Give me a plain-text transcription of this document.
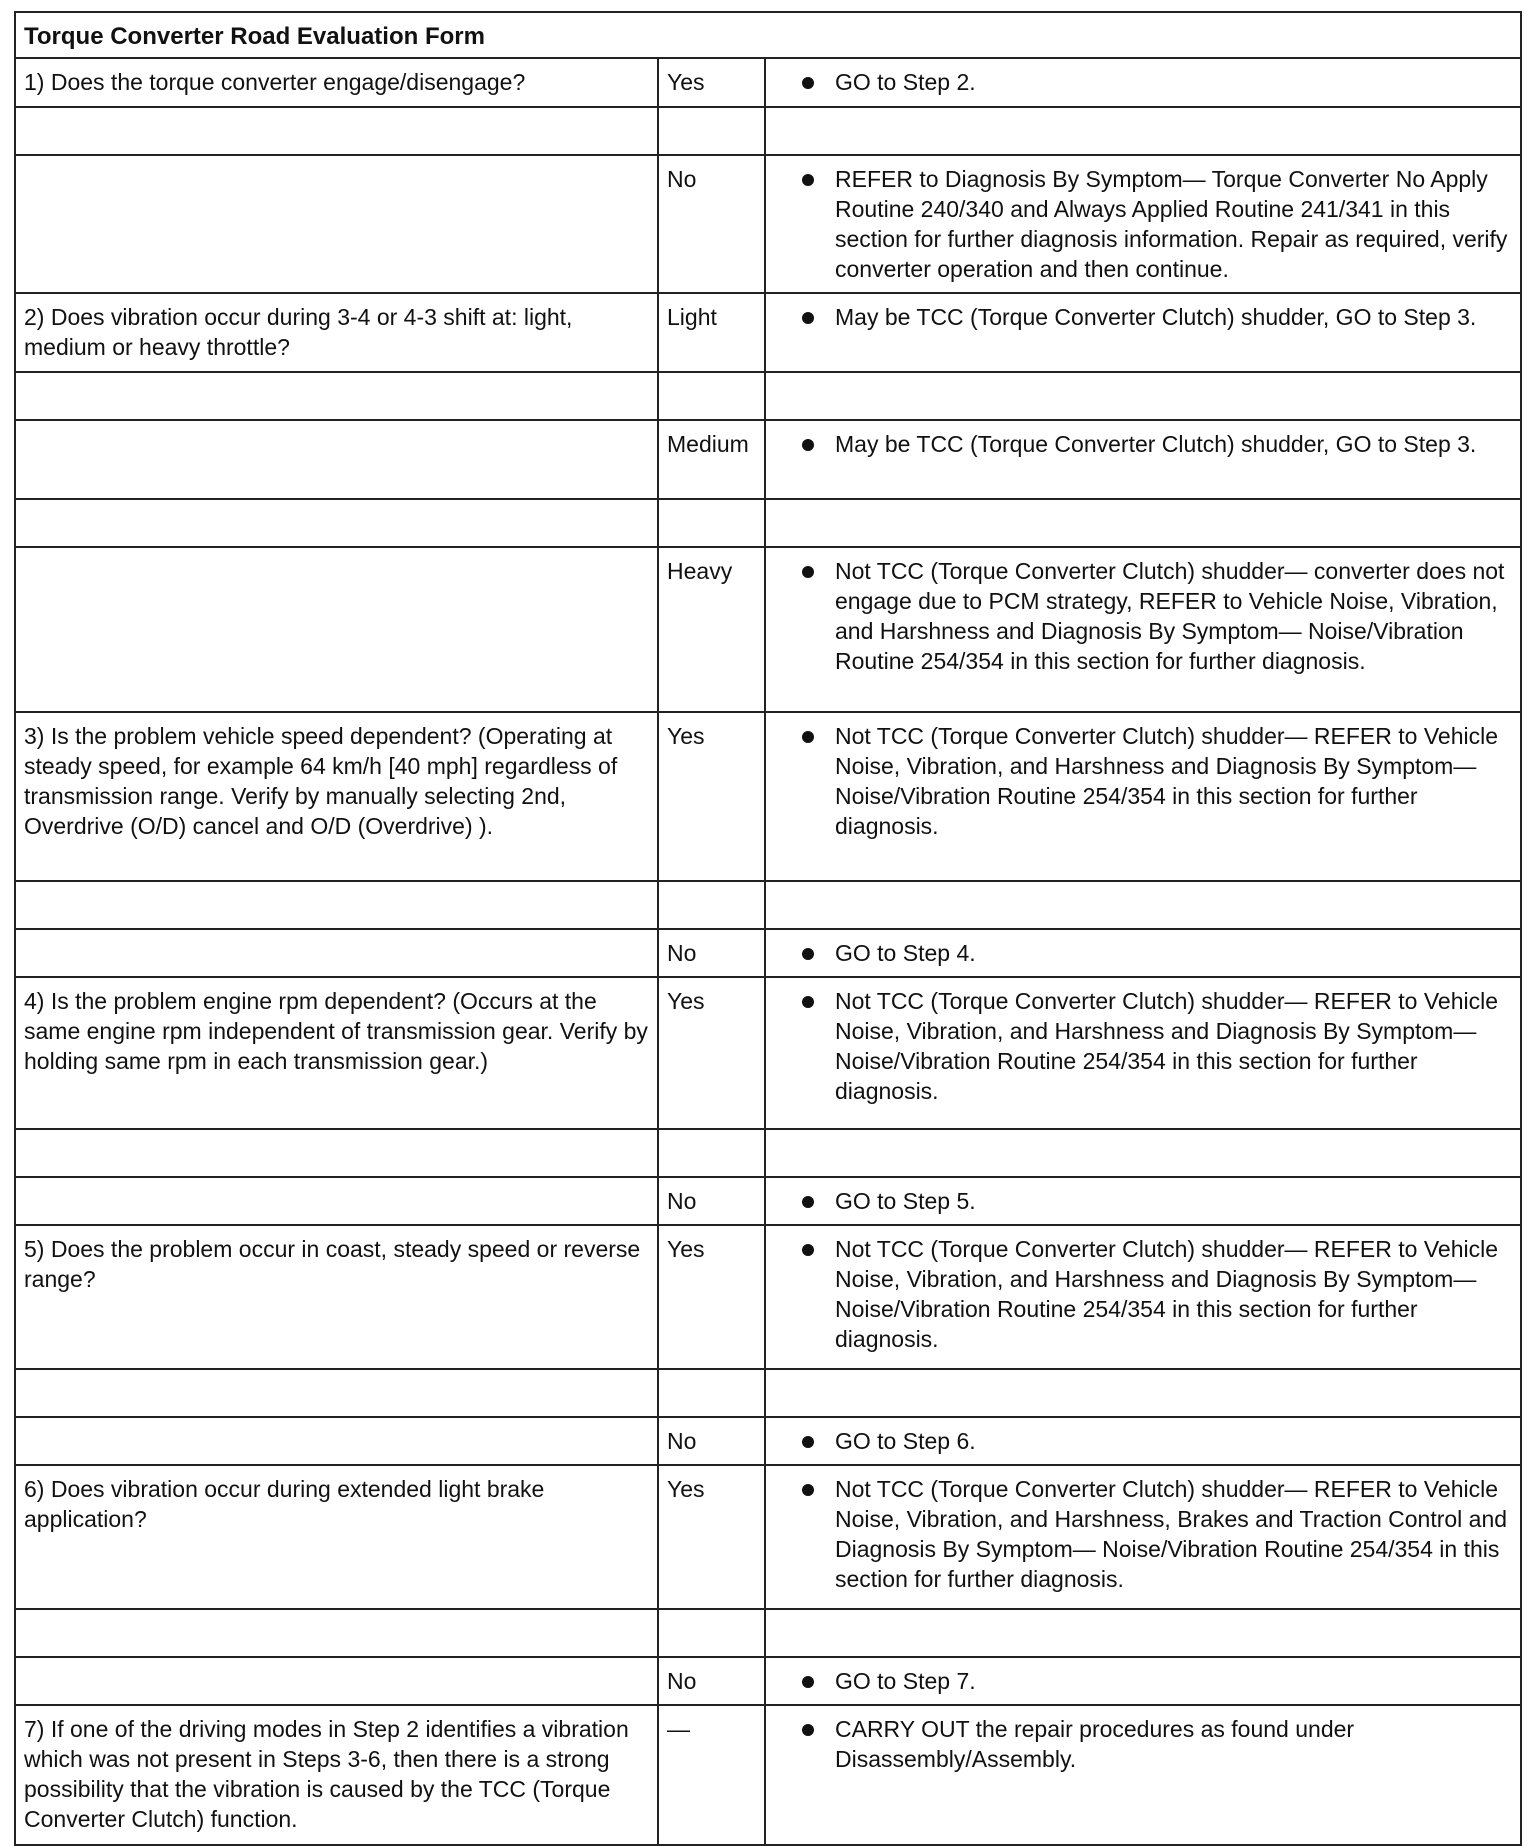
Torque Converter Road Evaluation Form
1) Does the torque converter engage/disengage?	Yes	GO to Step 2.

	No	REFER to Diagnosis By Symptom— Torque Converter No Apply Routine 240/340 and Always Applied Routine 241/341 in this section for further diagnosis information. Repair as required, verify converter operation and then continue.

2) Does vibration occur during 3-4 or 4-3 shift at: light, medium or heavy throttle?	Light	May be TCC (Torque Converter Clutch) shudder, GO to Step 3.

	Medium	May be TCC (Torque Converter Clutch) shudder, GO to Step 3.

	Heavy	Not TCC (Torque Converter Clutch) shudder— converter does not engage due to PCM strategy, REFER to Vehicle Noise, Vibration, and Harshness and Diagnosis By Symptom— Noise/Vibration Routine 254/354 in this section for further diagnosis.

3) Is the problem vehicle speed dependent? (Operating at steady speed, for example 64 km/h [40 mph] regardless of transmission range. Verify by manually selecting 2nd, Overdrive (O/D) cancel and O/D (Overdrive) ).	Yes	Not TCC (Torque Converter Clutch) shudder— REFER to Vehicle Noise, Vibration, and Harshness and Diagnosis By Symptom— Noise/Vibration Routine 254/354 in this section for further diagnosis.

	No	GO to Step 4.

4) Is the problem engine rpm dependent? (Occurs at the same engine rpm independent of transmission gear. Verify by holding same rpm in each transmission gear.)	Yes	Not TCC (Torque Converter Clutch) shudder— REFER to Vehicle Noise, Vibration, and Harshness and Diagnosis By Symptom— Noise/Vibration Routine 254/354 in this section for further diagnosis.

	No	GO to Step 5.

5) Does the problem occur in coast, steady speed or reverse range?	Yes	Not TCC (Torque Converter Clutch) shudder— REFER to Vehicle Noise, Vibration, and Harshness and Diagnosis By Symptom— Noise/Vibration Routine 254/354 in this section for further diagnosis.

	No	GO to Step 6.

6) Does vibration occur during extended light brake application?	Yes	Not TCC (Torque Converter Clutch) shudder— REFER to Vehicle Noise, Vibration, and Harshness, Brakes and Traction Control and Diagnosis By Symptom— Noise/Vibration Routine 254/354 in this section for further diagnosis.

	No	GO to Step 7.

7) If one of the driving modes in Step 2 identifies a vibration which was not present in Steps 3-6, then there is a strong possibility that the vibration is caused by the TCC (Torque Converter Clutch) function.	—	CARRY OUT the repair procedures as found under Disassembly/Assembly.
